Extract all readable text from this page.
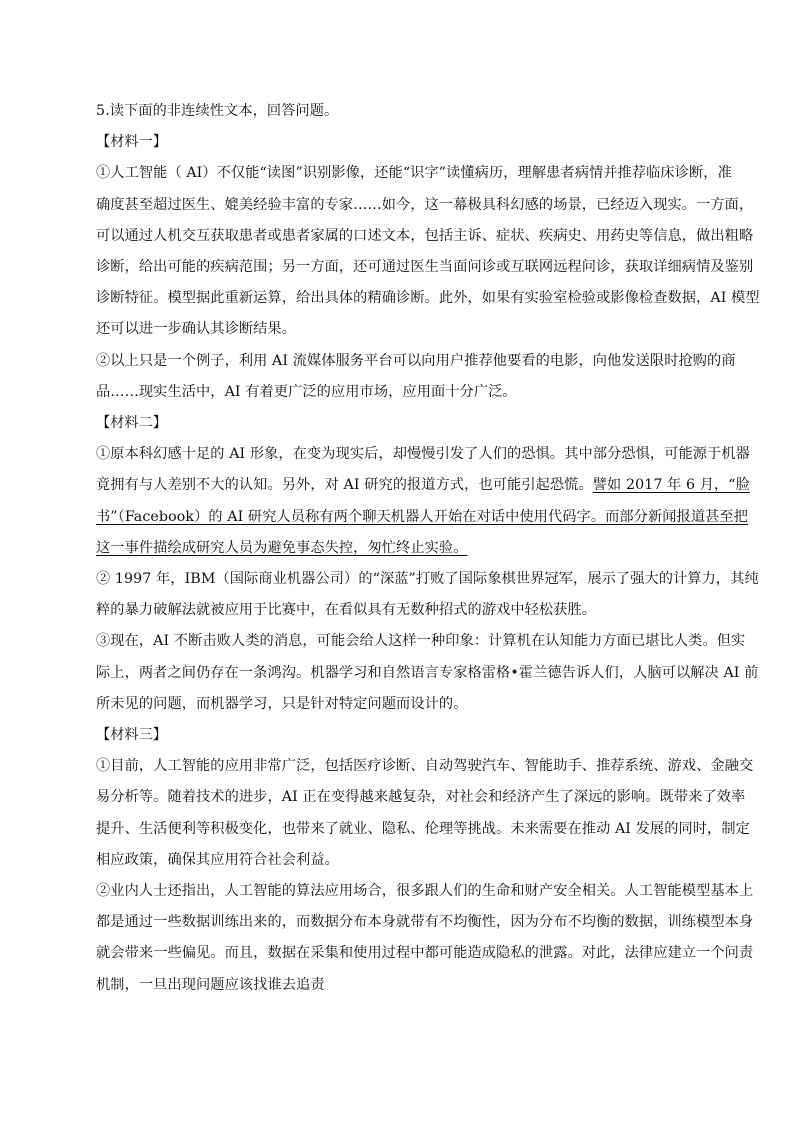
5.读下面的非连续性文本，回答问题。
【材料一】
①人工智能（ AI）不仅能“读图”识别影像，还能“识字”读懂病历，理解患者病情并推荐临床诊断，准
确度甚至超过医生、媲美经验丰富的专家……如今，这一幕极具科幻感的场景，已经迈入现实。一方面，
可以通过人机交互获取患者或患者家属的口述文本，包括主诉、症状、疾病史、用药史等信息，做出粗略
诊断，给出可能的疾病范围；另一方面，还可通过医生当面问诊或互联网远程问诊，获取详细病情及鉴别
诊断特征。模型据此重新运算，给出具体的精确诊断。此外，如果有实验室检验或影像检查数据，AI 模型
还可以进一步确认其诊断结果。
②以上只是一个例子，利用 AI 流媒体服务平台可以向用户推荐他要看的电影，向他发送限时抢购的商
品……现实生活中，AI 有着更广泛的应用市场，应用面十分广泛。
【材料二】
①原本科幻感十足的 AI 形象，在变为现实后，却慢慢引发了人们的恐惧。其中部分恐惧，可能源于机器
竟拥有与人差别不大的认知。另外，对 AI 研究的报道方式，也可能引起恐慌。譬如 2017 年 6 月，“脸
书”（Facebook）的 AI 研究人员称有两个聊天机器人开始在对话中使用代码字。而部分新闻报道甚至把
这一事件描绘成研究人员为避免事态失控，匆忙终止实验。
② 1997 年，IBM（国际商业机器公司）的“深蓝”打败了国际象棋世界冠军，展示了强大的计算力，其纯
粹的暴力破解法就被应用于比赛中，在看似具有无数种招式的游戏中轻松获胜。
③现在，AI 不断击败人类的消息，可能会给人这样一种印象：计算机在认知能力方面已堪比人类。但实
际上，两者之间仍存在一条鸿沟。机器学习和自然语言专家格雷格•霍兰德告诉人们，人脑可以解决 AI 前
所未见的问题，而机器学习，只是针对特定问题而设计的。
【材料三】
①目前，人工智能的应用非常广泛，包括医疗诊断、自动驾驶汽车、智能助手、推荐系统、游戏、金融交
易分析等。随着技术的进步，AI 正在变得越来越复杂，对社会和经济产生了深远的影响。既带来了效率
提升、生活便利等积极变化，也带来了就业、隐私、伦理等挑战。未来需要在推动 AI 发展的同时，制定
相应政策，确保其应用符合社会利益。
②业内人士还指出，人工智能的算法应用场合，很多跟人们的生命和财产安全相关。人工智能模型基本上
都是通过一些数据训练出来的，而数据分布本身就带有不均衡性，因为分布不均衡的数据，训练模型本身
就会带来一些偏见。而且，数据在采集和使用过程中都可能造成隐私的泄露。对此，法律应建立一个问责
机制，一旦出现问题应该找谁去追责
